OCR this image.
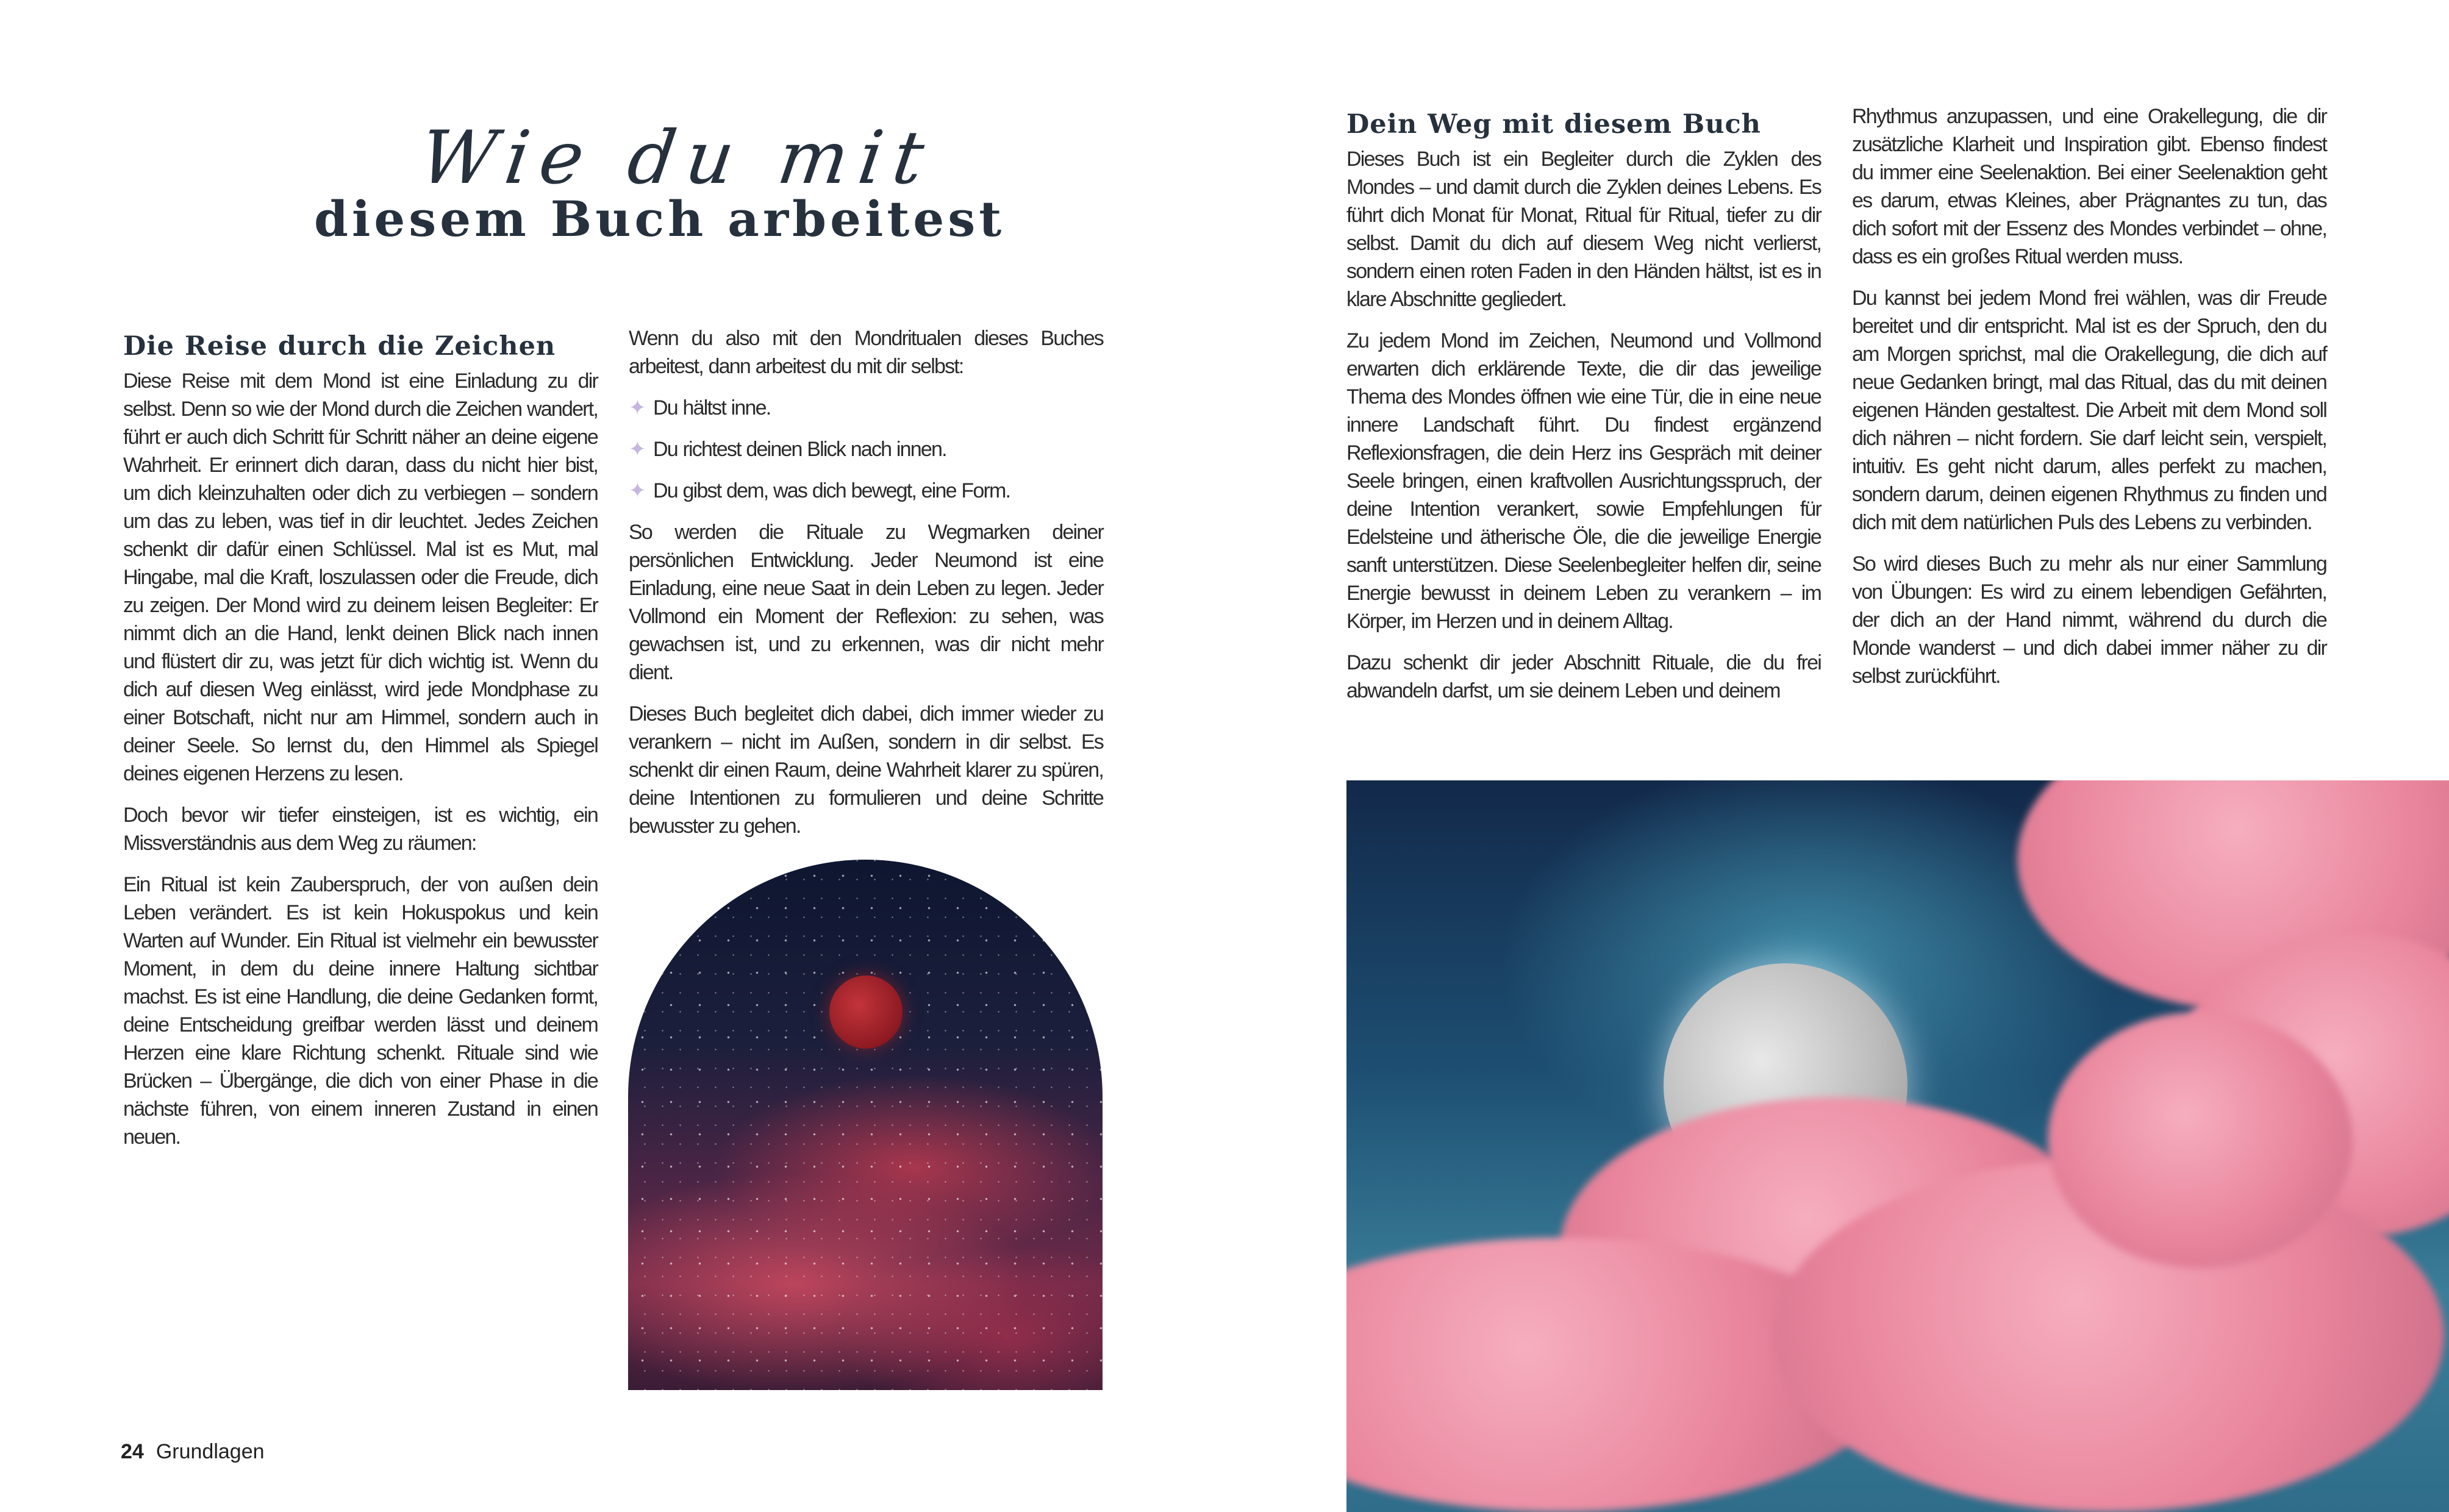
Wie du mit
diesem Buch arbeitest
Die Reise durch die Zeichen

Diese Reise mit dem Mond ist eine Einladung zu dir selbst. Denn so wie der Mond durch die Zeichen wandert, führt er auch dich Schritt für Schritt näher an deine eigene Wahrheit. Er erinnert dich daran, dass du nicht hier bist, um dich kleinzuhalten oder dich zu verbiegen – sondern um das zu leben, was tief in dir leuchtet. Jedes Zeichen schenkt dir dafür einen Schlüssel. Mal ist es Mut, mal Hingabe, mal die Kraft, loszulassen oder die Freude, dich zu zeigen. Der Mond wird zu deinem leisen Begleiter: Er nimmt dich an die Hand, lenkt deinen Blick nach innen und flüstert dir zu, was jetzt für dich wichtig ist. Wenn du dich auf diesen Weg einlässt, wird jede Mondphase zu einer Botschaft, nicht nur am Himmel, sondern auch in deiner Seele. So lernst du, den Himmel als Spiegel deines eigenen Herzens zu lesen.

Doch bevor wir tiefer einsteigen, ist es wichtig, ein Missverständnis aus dem Weg zu räumen:

Ein Ritual ist kein Zauberspruch, der von außen dein Leben verändert. Es ist kein Hokuspokus und kein Warten auf Wunder. Ein Ritual ist vielmehr ein bewusster Moment, in dem du deine innere Haltung sichtbar machst. Es ist eine Handlung, die deine Gedanken formt, deine Entscheidung greifbar werden lässt und deinem Herzen eine klare Richtung schenkt. Rituale sind wie Brücken – Übergänge, die dich von einer Phase in die nächste führen, von einem inneren Zustand in einen neuen.

Wenn du also mit den Mondritualen dieses Buches arbeitest, dann arbeitest du mit dir selbst:

✦ Du hältst inne.
✦ Du richtest deinen Blick nach innen.
✦ Du gibst dem, was dich bewegt, eine Form.

So werden die Rituale zu Wegmarken deiner persönlichen Entwicklung. Jeder Neumond ist eine Einladung, eine neue Saat in dein Leben zu legen. Jeder Vollmond ein Moment der Reflexion: zu sehen, was gewachsen ist, und zu erkennen, was dir nicht mehr dient.

Dieses Buch begleitet dich dabei, dich immer wieder zu verankern – nicht im Außen, sondern in dir selbst. Es schenkt dir einen Raum, deine Wahrheit klarer zu spüren, deine Intentionen zu formulieren und deine Schritte bewusster zu gehen.

24 Grundlagen
Dein Weg mit diesem Buch

Dieses Buch ist ein Begleiter durch die Zyklen des Mondes – und damit durch die Zyklen deines Lebens. Es führt dich Monat für Monat, Ritual für Ritual, tiefer zu dir selbst. Damit du dich auf diesem Weg nicht verlierst, sondern einen roten Faden in den Händen hältst, ist es in klare Abschnitte gegliedert.

Zu jedem Mond im Zeichen, Neumond und Vollmond erwarten dich erklärende Texte, die dir das jeweilige Thema des Mondes öffnen wie eine Tür, die in eine neue innere Landschaft führt. Du findest ergänzend Reflexionsfragen, die dein Herz ins Gespräch mit deiner Seele bringen, einen kraftvollen Ausrichtungsspruch, der deine Intention verankert, sowie Empfehlungen für Edelsteine und ätherische Öle, die die jeweilige Energie sanft unterstützen. Diese Seelenbegleiter helfen dir, seine Energie bewusst in deinem Leben zu verankern – im Körper, im Herzen und in deinem Alltag.

Dazu schenkt dir jeder Abschnitt Rituale, die du frei abwandeln darfst, um sie deinem Leben und deinem

Rhythmus anzupassen, und eine Orakellegung, die dir zusätzliche Klarheit und Inspiration gibt. Ebenso findest du immer eine Seelenaktion. Bei einer Seelenaktion geht es darum, etwas Kleines, aber Prägnantes zu tun, das dich sofort mit der Essenz des Mondes verbindet – ohne, dass es ein großes Ritual werden muss.

Du kannst bei jedem Mond frei wählen, was dir Freude bereitet und dir entspricht. Mal ist es der Spruch, den du am Morgen sprichst, mal die Orakellegung, die dich auf neue Gedanken bringt, mal das Ritual, das du mit deinen eigenen Händen gestaltest. Die Arbeit mit dem Mond soll dich nähren – nicht fordern. Sie darf leicht sein, verspielt, intuitiv. Es geht nicht darum, alles perfekt zu machen, sondern darum, deinen eigenen Rhythmus zu finden und dich mit dem natürlichen Puls des Lebens zu verbinden.

So wird dieses Buch zu mehr als nur einer Sammlung von Übungen: Es wird zu einem lebendigen Gefährten, der dich an der Hand nimmt, während du durch die Monde wanderst – und dich dabei immer näher zu dir selbst zurückführt.
